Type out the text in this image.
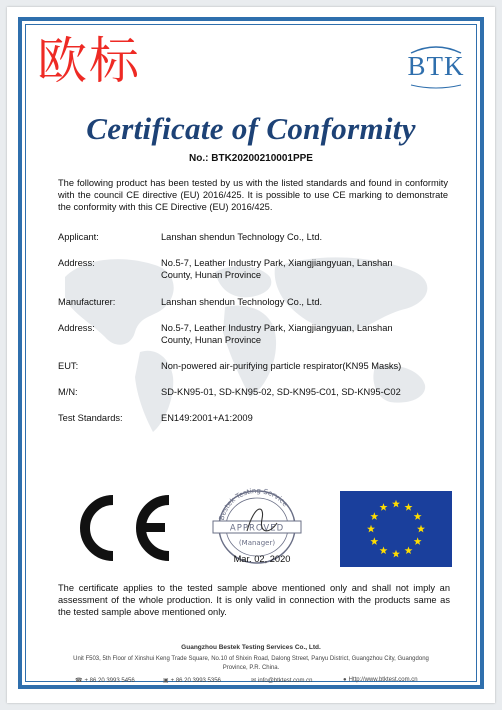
欧标	BTK
Certificate of Conformity
No.: BTK20200210001PPE
The following product has been tested by us with the listed standards and found in conformity with the council CE directive (EU) 2016/425. It is possible to use CE marking to demonstrate the conformity with this CE Directive (EU) 2016/425.
Applicant:	Lanshan shendun Technology Co., Ltd.
Address:	No.5-7, Leather Industry Park, Xiangjiangyuan, Lanshan County, Hunan Province
Manufacturer:	Lanshan shendun Technology Co., Ltd.
Address:	No.5-7, Leather Industry Park, Xiangjiangyuan, Lanshan County, Hunan Province
EUT:	Non-powered air-purifying particle respirator(KN95 Masks)
M/N:	SD-KN95-01, SD-KN95-02, SD-KN95-C01, SD-KN95-C02
Test Standards:	EN149:2001+A1:2009
Bestek Testing Service
APPROVED
(Manager)
Mar. 02, 2020
The certificate applies to the tested sample above mentioned only and shall not imply an assessment of the whole production. It is only valid in connection with the products same as the tested sample above mentioned only.
Guangzhou Bestek Testing Services Co., Ltd.
Unit F503, 5th Floor of Xinshui Keng Trade Square, No.10 of Shixin Road, Dalong Street, Panyu District, Guangzhou City, Guangdong Province, P.R. China.
☎ + 86 20 3993 5456	▣ + 86 20 3993 5356	✉ info@btktest.com.cn	● Http://www.btktest.com.cn
